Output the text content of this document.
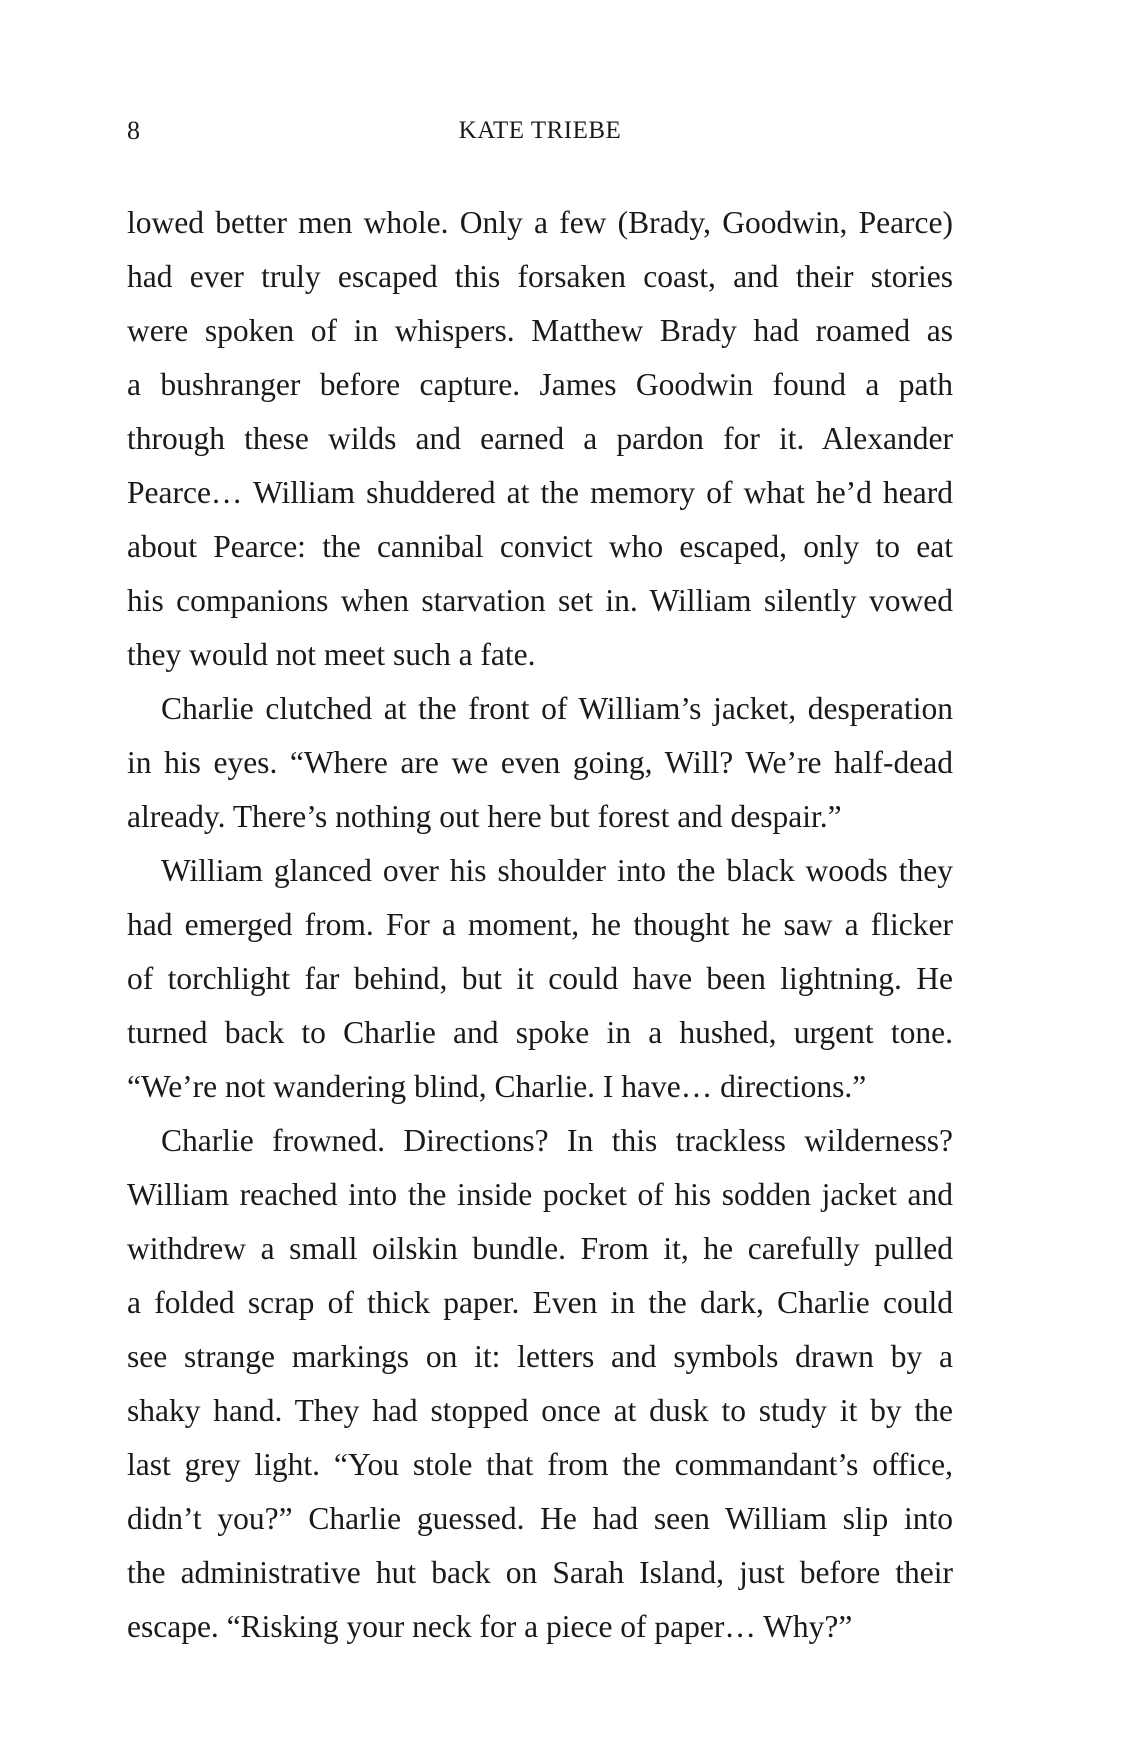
8	KATE TRIEBE
lowed better men whole. Only a few (Brady, Goodwin, Pearce)
had ever truly escaped this forsaken coast, and their stories
were spoken of in whispers. Matthew Brady had roamed as
a bushranger before capture. James Goodwin found a path
through these wilds and earned a pardon for it. Alexander
Pearce… William shuddered at the memory of what he’d heard
about Pearce: the cannibal convict who escaped, only to eat
his companions when starvation set in. William silently vowed
they would not meet such a fate.
Charlie clutched at the front of William’s jacket, desperation
in his eyes. “Where are we even going, Will? We’re half-dead
already. There’s nothing out here but forest and despair.”
William glanced over his shoulder into the black woods they
had emerged from. For a moment, he thought he saw a flicker
of torchlight far behind, but it could have been lightning. He
turned back to Charlie and spoke in a hushed, urgent tone.
“We’re not wandering blind, Charlie. I have… directions.”
Charlie frowned. Directions? In this trackless wilderness?
William reached into the inside pocket of his sodden jacket and
withdrew a small oilskin bundle. From it, he carefully pulled
a folded scrap of thick paper. Even in the dark, Charlie could
see strange markings on it: letters and symbols drawn by a
shaky hand. They had stopped once at dusk to study it by the
last grey light. “You stole that from the commandant’s office,
didn’t you?” Charlie guessed. He had seen William slip into
the administrative hut back on Sarah Island, just before their
escape. “Risking your neck for a piece of paper… Why?”
